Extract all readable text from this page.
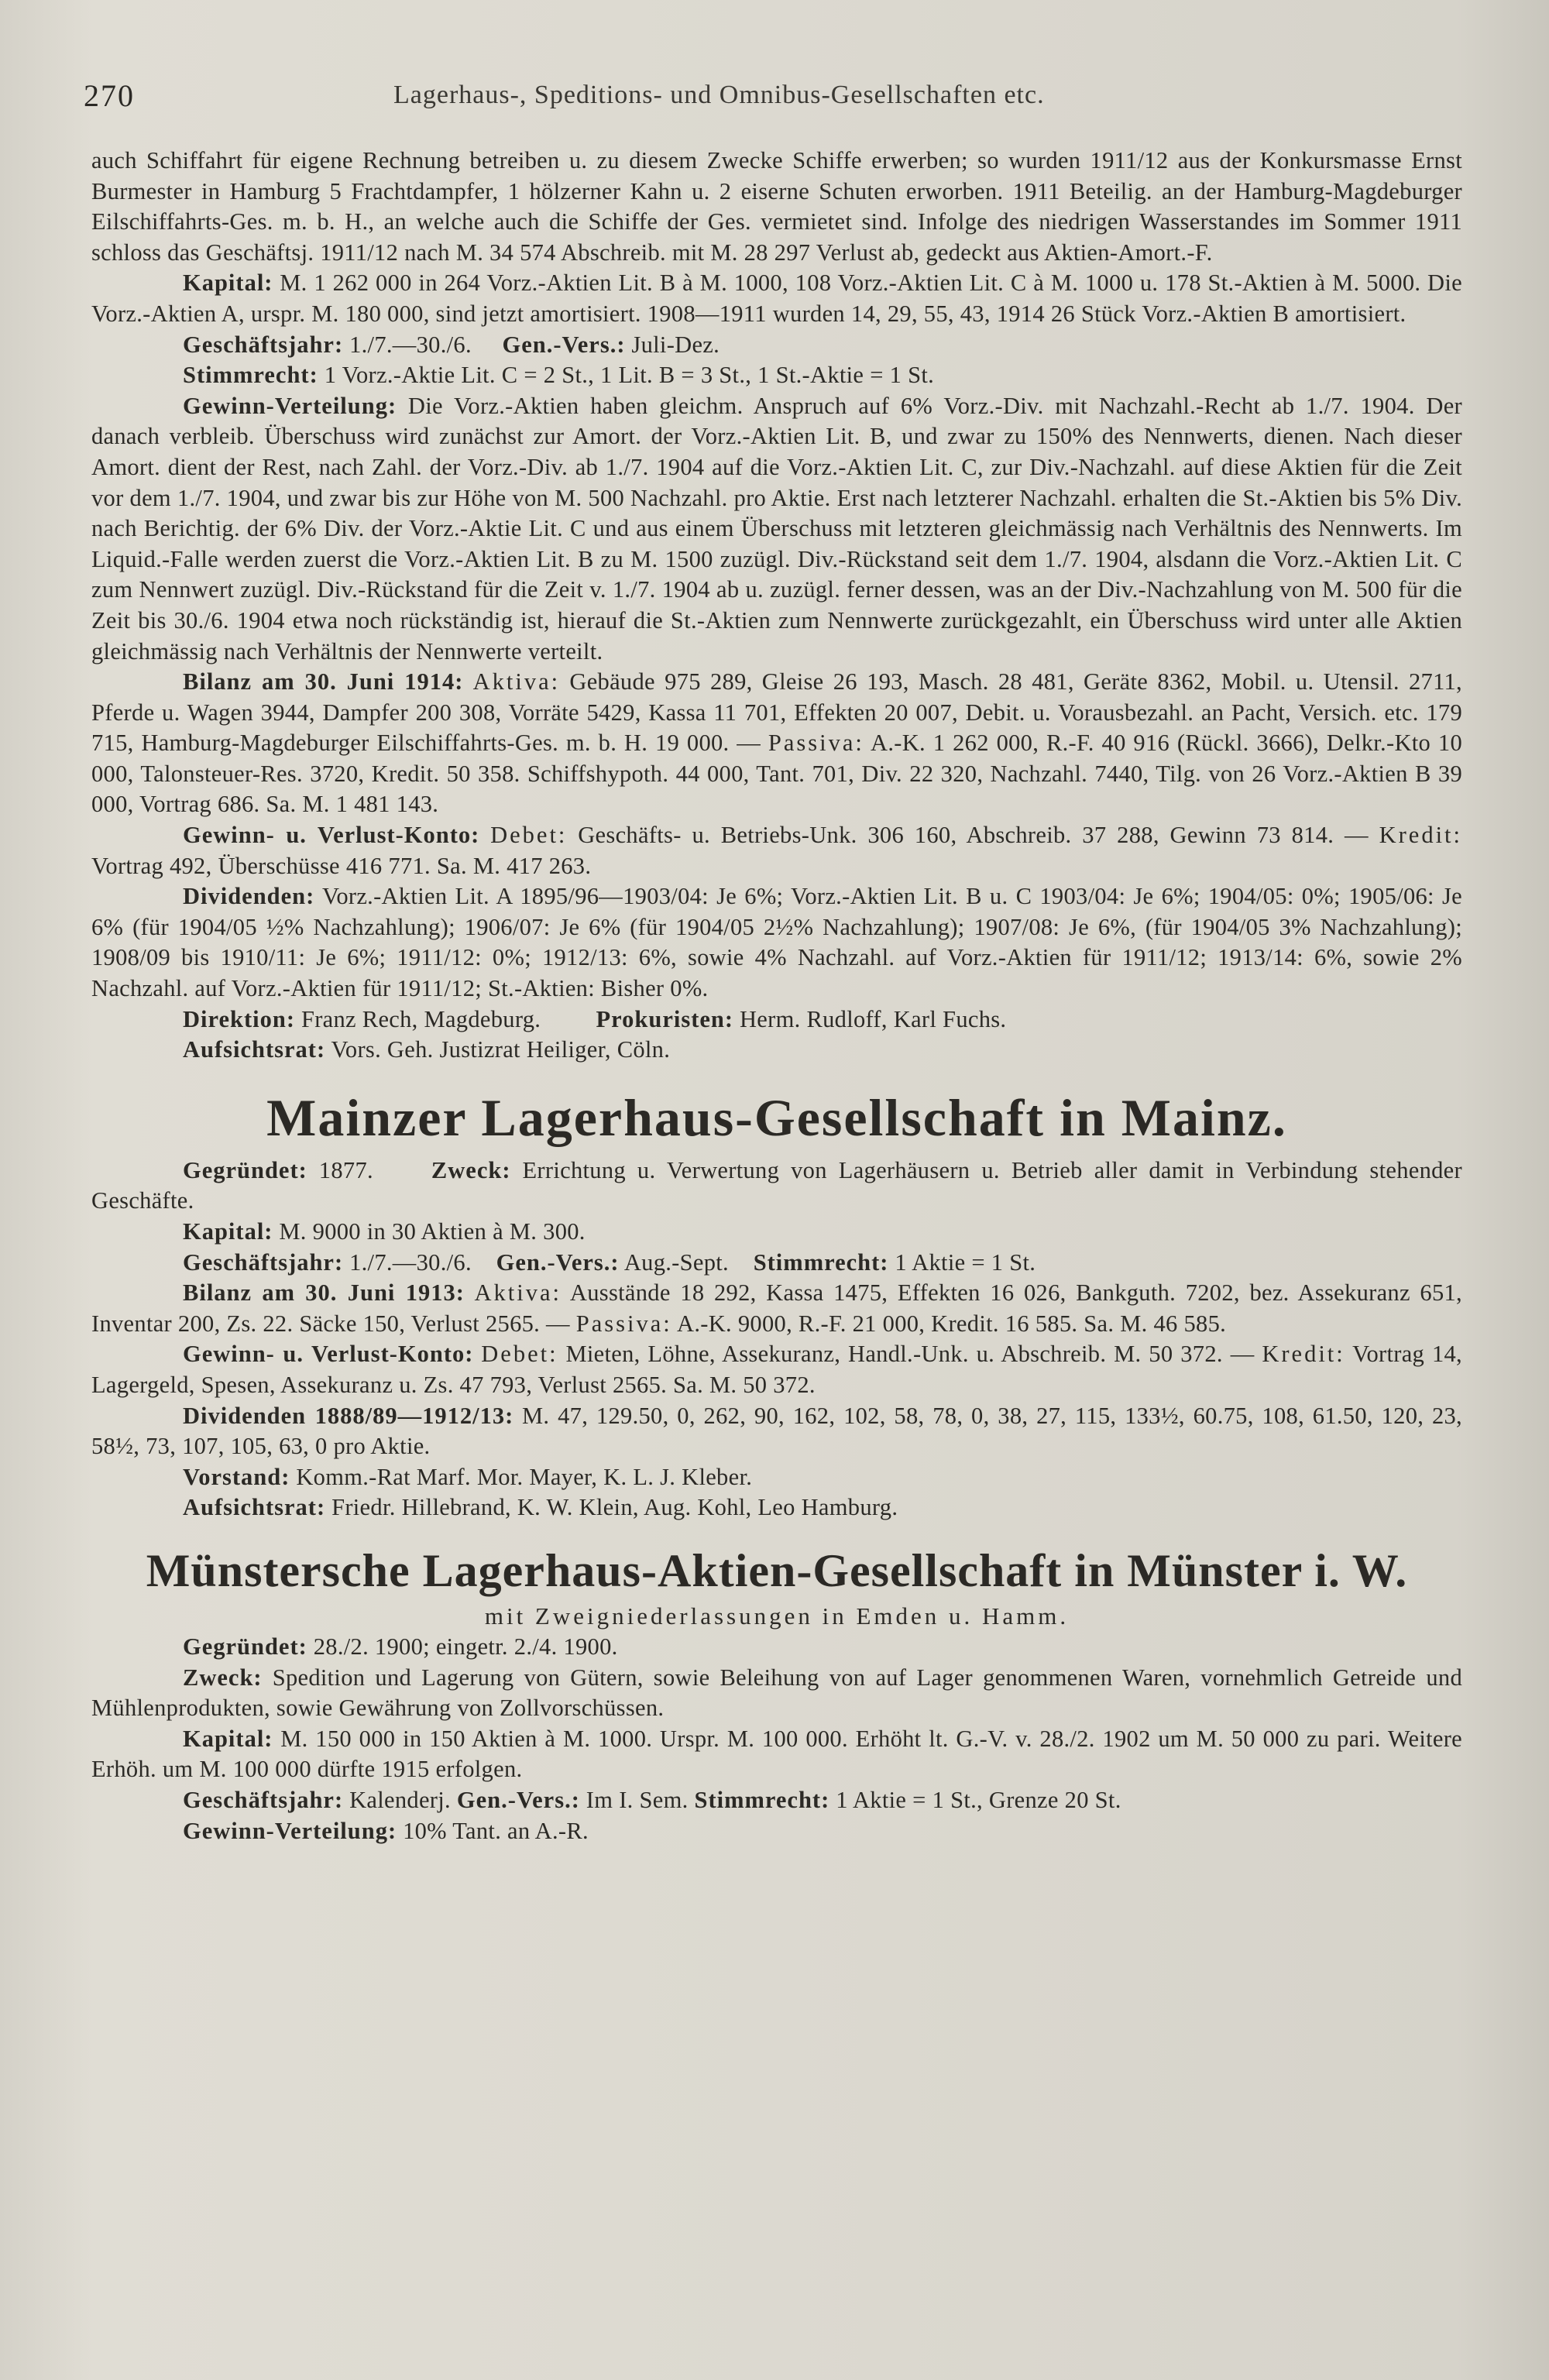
270	Lagerhaus-, Speditions- und Omnibus-Gesellschaften etc.

auch Schiffahrt für eigene Rechnung betreiben u. zu diesem Zwecke Schiffe erwerben; so wurden 1911/12 aus der Konkursmasse Ernst Burmester in Hamburg 5 Frachtdampfer, 1 hölzerner Kahn u. 2 eiserne Schuten erworben. 1911 Beteilig. an der Hamburg-Magdeburger Eilschiffahrts-Ges. m. b. H., an welche auch die Schiffe der Ges. vermietet sind. Infolge des niedrigen Wasserstandes im Sommer 1911 schloss das Geschäftsj. 1911/12 nach M. 34 574 Abschreib. mit M. 28 297 Verlust ab, gedeckt aus Aktien-Amort.-F.

Kapital: M. 1 262 000 in 264 Vorz.-Aktien Lit. B à M. 1000, 108 Vorz.-Aktien Lit. C à M. 1000 u. 178 St.-Aktien à M. 5000. Die Vorz.-Aktien A, urspr. M. 180 000, sind jetzt amortisiert. 1908—1911 wurden 14, 29, 55, 43, 1914 26 Stück Vorz.-Aktien B amortisiert.

Geschäftsjahr: 1./7.—30./6. Gen.-Vers.: Juli-Dez.

Stimmrecht: 1 Vorz.-Aktie Lit. C = 2 St., 1 Lit. B = 3 St., 1 St.-Aktie = 1 St.

Gewinn-Verteilung: Die Vorz.-Aktien haben gleichm. Anspruch auf 6% Vorz.-Div. mit Nachzahl.-Recht ab 1./7. 1904. Der danach verbleib. Überschuss wird zunächst zur Amort. der Vorz.-Aktien Lit. B, und zwar zu 150% des Nennwerts, dienen. Nach dieser Amort. dient der Rest, nach Zahl. der Vorz.-Div. ab 1./7. 1904 auf die Vorz.-Aktien Lit. C, zur Div.-Nachzahl. auf diese Aktien für die Zeit vor dem 1./7. 1904, und zwar bis zur Höhe von M. 500 Nachzahl. pro Aktie. Erst nach letzterer Nachzahl. erhalten die St.-Aktien bis 5% Div. nach Berichtig. der 6% Div. der Vorz.-Aktie Lit. C und aus einem Überschuss mit letzteren gleichmässig nach Verhältnis des Nennwerts. Im Liquid.-Falle werden zuerst die Vorz.-Aktien Lit. B zu M. 1500 zuzügl. Div.-Rückstand seit dem 1./7. 1904, alsdann die Vorz.-Aktien Lit. C zum Nennwert zuzügl. Div.-Rückstand für die Zeit v. 1./7. 1904 ab u. zuzügl. ferner dessen, was an der Div.-Nachzahlung von M. 500 für die Zeit bis 30./6. 1904 etwa noch rückständig ist, hierauf die St.-Aktien zum Nennwerte zurückgezahlt, ein Überschuss wird unter alle Aktien gleichmässig nach Verhältnis der Nennwerte verteilt.

Bilanz am 30. Juni 1914: Aktiva: Gebäude 975 289, Gleise 26 193, Masch. 28 481, Geräte 8362, Mobil. u. Utensil. 2711, Pferde u. Wagen 3944, Dampfer 200 308, Vorräte 5429, Kassa 11 701, Effekten 20 007, Debit. u. Vorausbezahl. an Pacht, Versich. etc. 179 715, Hamburg-Magdeburger Eilschiffahrts-Ges. m. b. H. 19 000. — Passiva: A.-K. 1 262 000, R.-F. 40 916 (Rückl. 3666), Delkr.-Kto 10 000, Talonsteuer-Res. 3720, Kredit. 50 358. Schiffshypoth. 44 000, Tant. 701, Div. 22 320, Nachzahl. 7440, Tilg. von 26 Vorz.-Aktien B 39 000, Vortrag 686. Sa. M. 1 481 143.

Gewinn- u. Verlust-Konto: Debet: Geschäfts- u. Betriebs-Unk. 306 160, Abschreib. 37 288, Gewinn 73 814. — Kredit: Vortrag 492, Überschüsse 416 771. Sa. M. 417 263.

Dividenden: Vorz.-Aktien Lit. A 1895/96—1903/04: Je 6%; Vorz.-Aktien Lit. B u. C 1903/04: Je 6%; 1904/05: 0%; 1905/06: Je 6% (für 1904/05 ½% Nachzahlung); 1906/07: Je 6% (für 1904/05 2½% Nachzahlung); 1907/08: Je 6%, (für 1904/05 3% Nachzahlung); 1908/09 bis 1910/11: Je 6%; 1911/12: 0%; 1912/13: 6%, sowie 4% Nachzahl. auf Vorz.-Aktien für 1911/12; 1913/14: 6%, sowie 2% Nachzahl. auf Vorz.-Aktien für 1911/12; St.-Aktien: Bisher 0%.

Direktion: Franz Rech, Magdeburg. Prokuristen: Herm. Rudloff, Karl Fuchs.

Aufsichtsrat: Vors. Geh. Justizrat Heiliger, Cöln.

Mainzer Lagerhaus-Gesellschaft in Mainz.

Gegründet: 1877. Zweck: Errichtung u. Verwertung von Lagerhäusern u. Betrieb aller damit in Verbindung stehender Geschäfte.

Kapital: M. 9000 in 30 Aktien à M. 300.

Geschäftsjahr: 1./7.—30./6. Gen.-Vers.: Aug.-Sept. Stimmrecht: 1 Aktie = 1 St.

Bilanz am 30. Juni 1913: Aktiva: Ausstände 18 292, Kassa 1475, Effekten 16 026, Bankguth. 7202, bez. Assekuranz 651, Inventar 200, Zs. 22. Säcke 150, Verlust 2565. — Passiva: A.-K. 9000, R.-F. 21 000, Kredit. 16 585. Sa. M. 46 585.

Gewinn- u. Verlust-Konto: Debet: Mieten, Löhne, Assekuranz, Handl.-Unk. u. Abschreib. M. 50 372. — Kredit: Vortrag 14, Lagergeld, Spesen, Assekuranz u. Zs. 47 793, Verlust 2565. Sa. M. 50 372.

Dividenden 1888/89—1912/13: M. 47, 129.50, 0, 262, 90, 162, 102, 58, 78, 0, 38, 27, 115, 133½, 60.75, 108, 61.50, 120, 23, 58½, 73, 107, 105, 63, 0 pro Aktie.

Vorstand: Komm.-Rat Marf. Mor. Mayer, K. L. J. Kleber.

Aufsichtsrat: Friedr. Hillebrand, K. W. Klein, Aug. Kohl, Leo Hamburg.

Münstersche Lagerhaus-Aktien-Gesellschaft in Münster i. W.

mit Zweigniederlassungen in Emden u. Hamm.

Gegründet: 28./2. 1900; eingetr. 2./4. 1900.

Zweck: Spedition und Lagerung von Gütern, sowie Beleihung von auf Lager genommenen Waren, vornehmlich Getreide und Mühlenprodukten, sowie Gewährung von Zollvorschüssen.

Kapital: M. 150 000 in 150 Aktien à M. 1000. Urspr. M. 100 000. Erhöht lt. G.-V. v. 28./2. 1902 um M. 50 000 zu pari. Weitere Erhöh. um M. 100 000 dürfte 1915 erfolgen.

Geschäftsjahr: Kalenderj. Gen.-Vers.: Im I. Sem. Stimmrecht: 1 Aktie = 1 St., Grenze 20 St.

Gewinn-Verteilung: 10% Tant. an A.-R.
